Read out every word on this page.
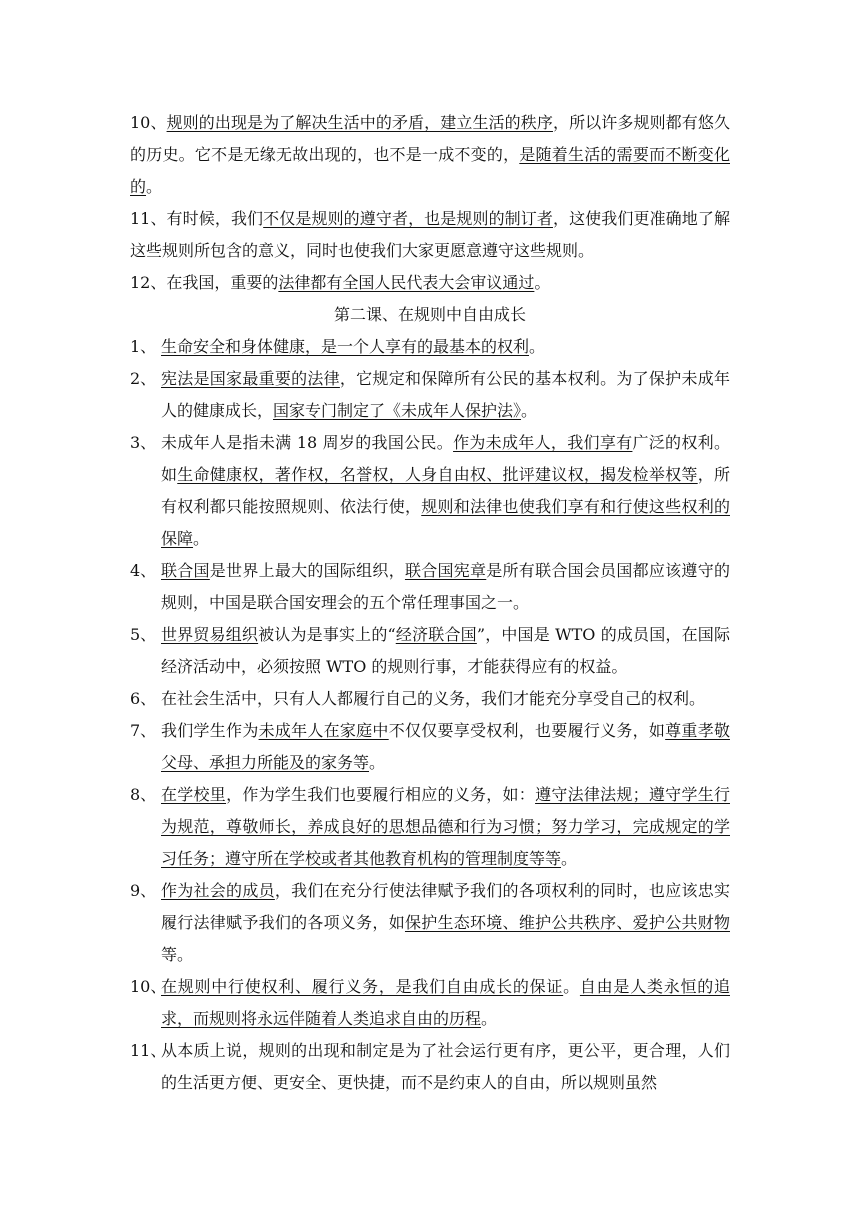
10、规则的出现是为了解决生活中的矛盾，建立生活的秩序，所以许多规则都有悠久的历史。它不是无缘无故出现的，也不是一成不变的，是随着生活的需要而不断变化的。

11、有时候，我们不仅是规则的遵守者，也是规则的制订者，这使我们更准确地了解这些规则所包含的意义，同时也使我们大家更愿意遵守这些规则。

12、在我国，重要的法律都有全国人民代表大会审议通过。

第二课、在规则中自由成长

1、 生命安全和身体健康，是一个人享有的最基本的权利。

2、 宪法是国家最重要的法律，它规定和保障所有公民的基本权利。为了保护未成年人的健康成长，国家专门制定了《未成年人保护法》。

3、 未成年人是指未满 18 周岁的我国公民。作为未成年人，我们享有广泛的权利。如生命健康权，著作权，名誉权，人身自由权、批评建议权，揭发检举权等，所有权利都只能按照规则、依法行使，规则和法律也使我们享有和行使这些权利的保障。

4、 联合国是世界上最大的国际组织，联合国宪章是所有联合国会员国都应该遵守的规则，中国是联合国安理会的五个常任理事国之一。

5、 世界贸易组织被认为是事实上的“经济联合国”，中国是 WTO 的成员国，在国际经济活动中，必须按照 WTO 的规则行事，才能获得应有的权益。

6、 在社会生活中，只有人人都履行自己的义务，我们才能充分享受自己的权利。

7、 我们学生作为未成年人在家庭中不仅仅要享受权利，也要履行义务，如尊重孝敬父母、承担力所能及的家务等。

8、 在学校里，作为学生我们也要履行相应的义务，如：遵守法律法规；遵守学生行为规范，尊敬师长，养成良好的思想品德和行为习惯；努力学习，完成规定的学习任务；遵守所在学校或者其他教育机构的管理制度等等。

9、 作为社会的成员，我们在充分行使法律赋予我们的各项权利的同时，也应该忠实履行法律赋予我们的各项义务，如保护生态环境、维护公共秩序、爱护公共财物等。

10、
在规则中行使权利、履行义务，是我们自由成长的保证。自由是人类永恒的追求，而规则将永远伴随着人类追求自由的历程。

11、
从本质上说，规则的出现和制定是为了社会运行更有序，更公平，更合理，人们的生活更方便、更安全、更快捷，而不是约束人的自由，所以规则虽然
